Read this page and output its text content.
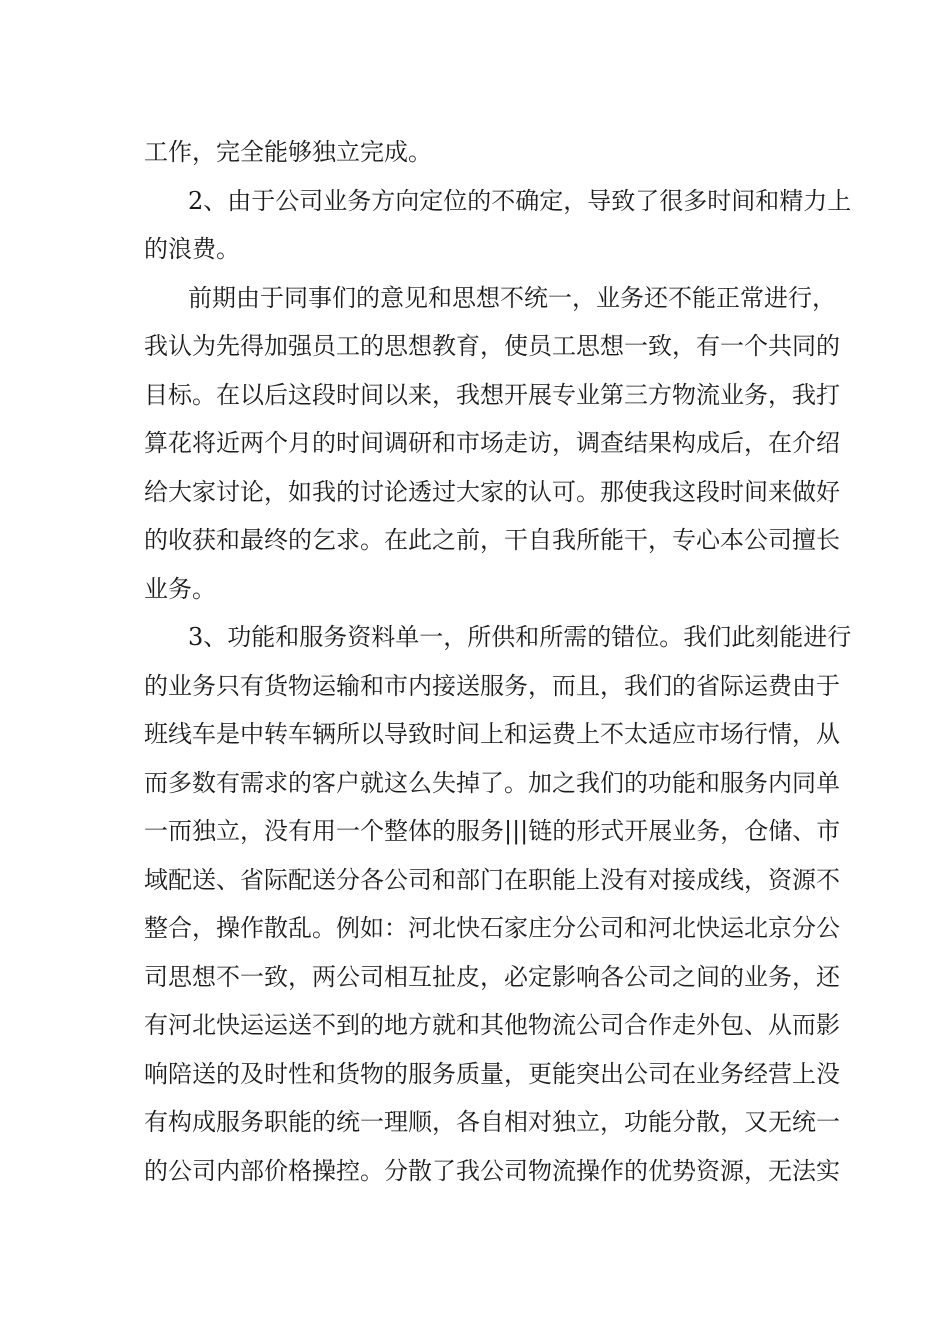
工作，完全能够独立完成。
2、由于公司业务方向定位的不确定，导致了很多时间和精力上
的浪费。
前期由于同事们的意见和思想不统一，业务还不能正常进行，
我认为先得加强员工的思想教育，使员工思想一致，有一个共同的
目标。在以后这段时间以来，我想开展专业第三方物流业务，我打
算花将近两个月的时间调研和市场走访，调查结果构成后，在介绍
给大家讨论，如我的讨论透过大家的认可。那使我这段时间来做好
的收获和最终的乞求。在此之前，干自我所能干，专心本公司擅长
业务。
3、功能和服务资料单一，所供和所需的错位。我们此刻能进行
的业务只有货物运输和市内接送服务，而且，我们的省际运费由于
班线车是中转车辆所以导致时间上和运费上不太适应市场行情，从
而多数有需求的客户就这么失掉了。加之我们的功能和服务内同单
一而独立，没有用一个整体的服务|||链的形式开展业务，仓储、市
域配送、省际配送分各公司和部门在职能上没有对接成线，资源不
整合，操作散乱。例如：河北快石家庄分公司和河北快运北京分公
司思想不一致，两公司相互扯皮，必定影响各公司之间的业务，还
有河北快运运送不到的地方就和其他物流公司合作走外包、从而影
响陪送的及时性和货物的服务质量，更能突出公司在业务经营上没
有构成服务职能的统一理顺，各自相对独立，功能分散，又无统一
的公司内部价格操控。分散了我公司物流操作的优势资源，无法实
